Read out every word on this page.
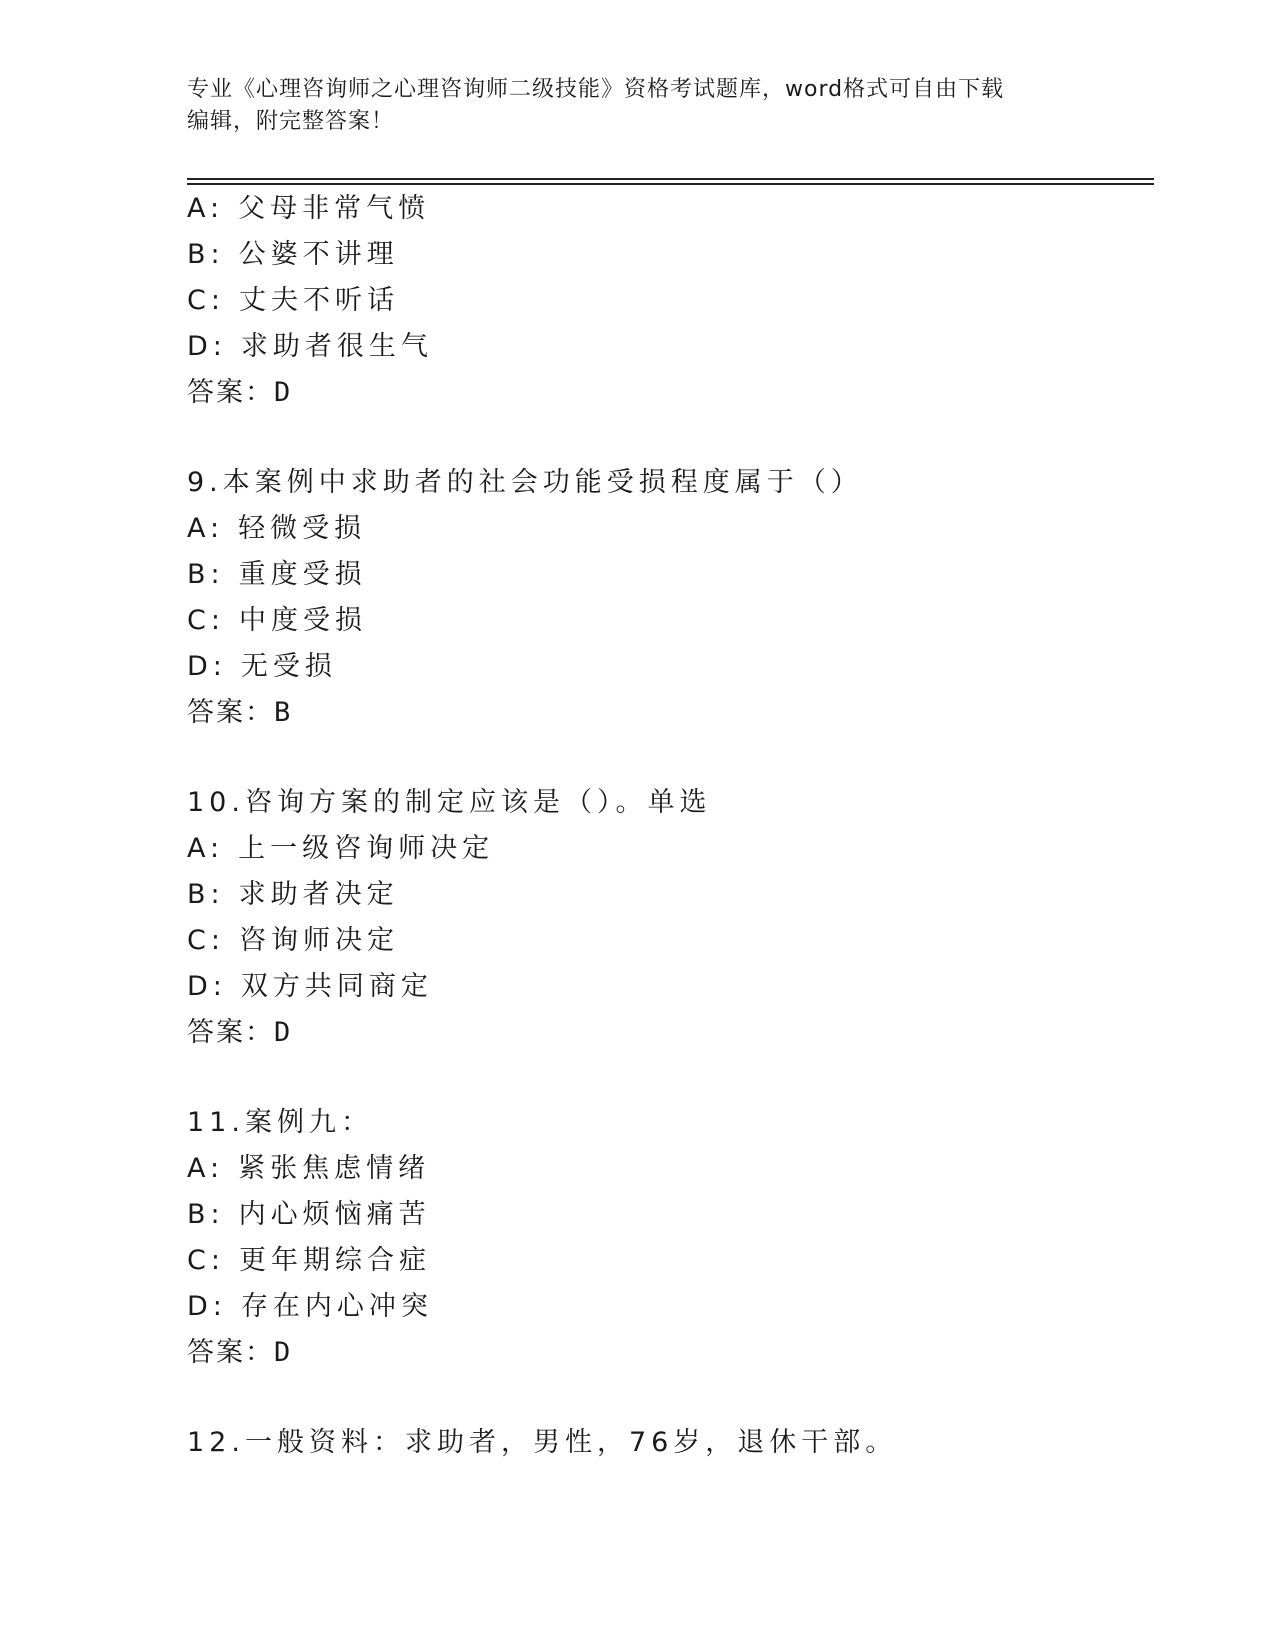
专业《心理咨询师之心理咨询师二级技能》资格考试题库，word格式可自由下载
编辑，附完整答案！
A: 父母非常气愤
B: 公婆不讲理
C: 丈夫不听话
D: 求助者很生气
答案：D
9.本案例中求助者的社会功能受损程度属于（）
A: 轻微受损
B: 重度受损
C: 中度受损
D: 无受损
答案：B
10.咨询方案的制定应该是（）。单选
A: 上一级咨询师决定
B: 求助者决定
C: 咨询师决定
D: 双方共同商定
答案：D
11.案例九：
A: 紧张焦虑情绪
B: 内心烦恼痛苦
C: 更年期综合症
D: 存在内心冲突
答案：D
12.一般资料：求助者，男性，76岁，退休干部。
